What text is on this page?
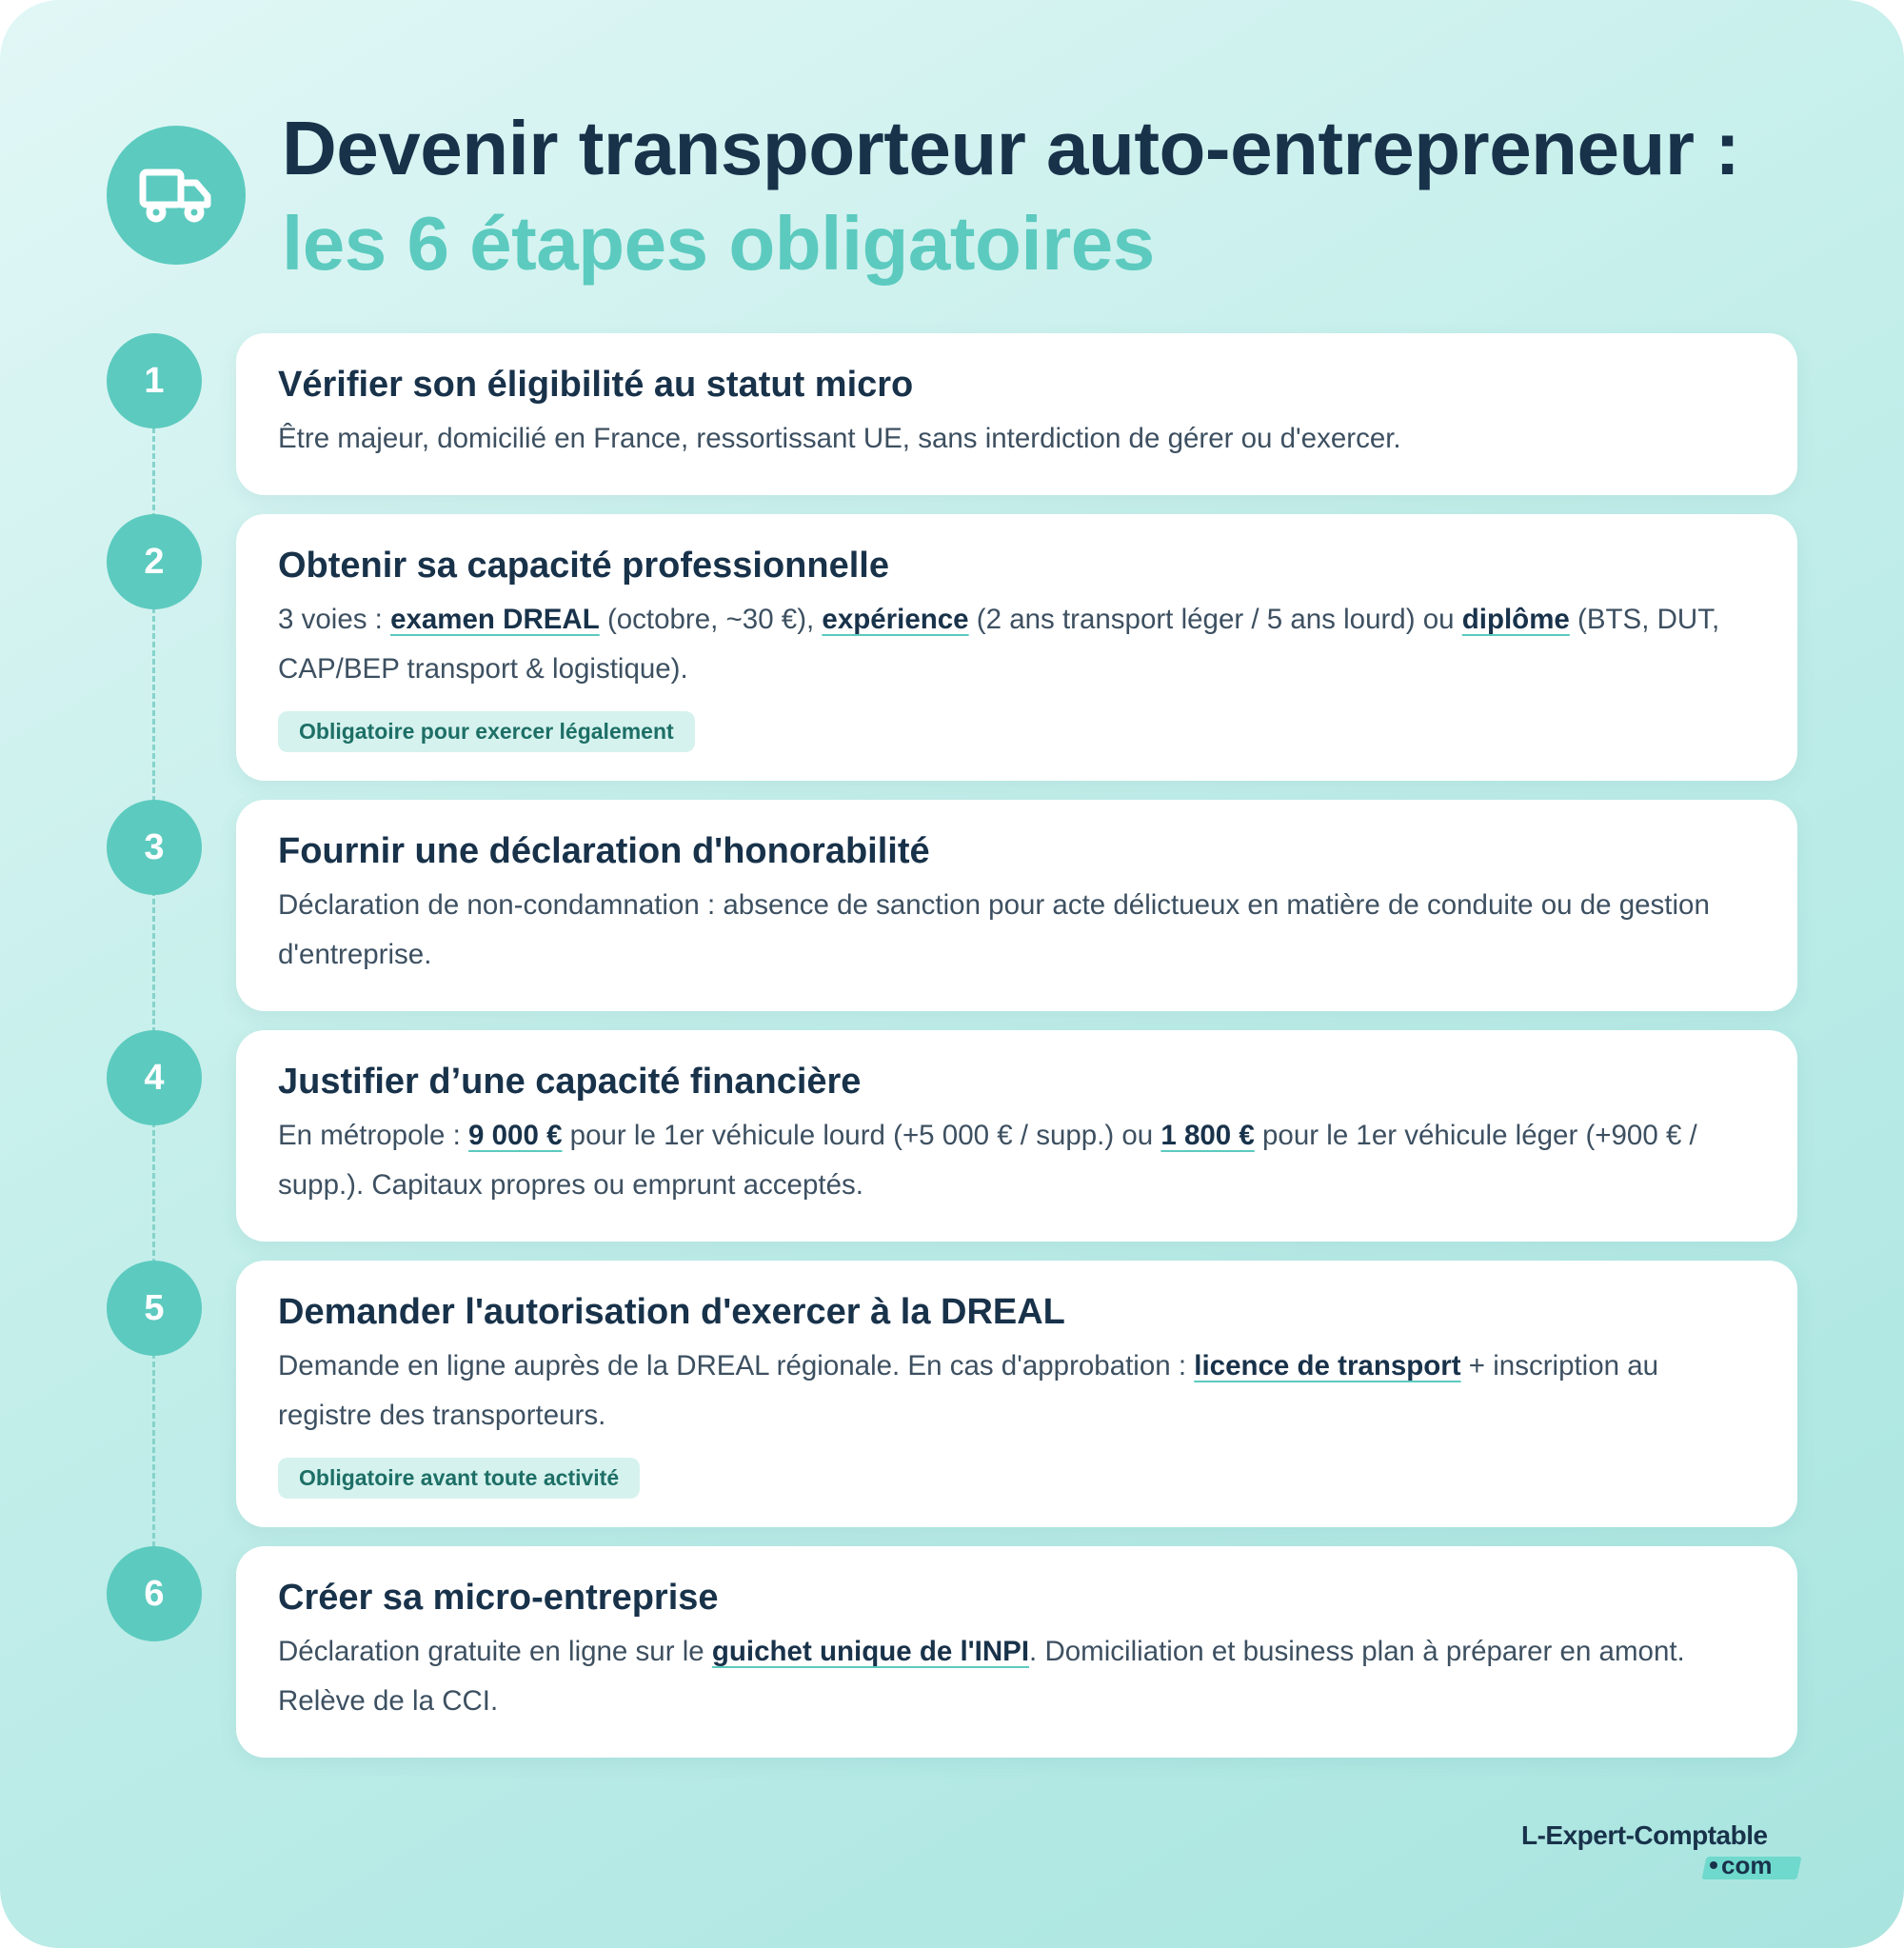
Devenir transporteur auto-entrepreneur :
les 6 étapes obligatoires
1	Vérifier son éligibilité au statut micro

Être majeur, domicilié en France, ressortissant UE, sans interdiction de gérer ou d'exercer.

2	Obtenir sa capacité professionnelle

3 voies : examen DREAL (octobre, ~30 €), expérience (2 ans transport léger / 5 ans lourd) ou diplôme (BTS, DUT, CAP/BEP transport & logistique).

Obligatoire pour exercer légalement
3	Fournir une déclaration d'honorabilité

Déclaration de non-condamnation : absence de sanction pour acte délictueux en matière de conduite ou de gestion d'entreprise.

4	Justifier d’une capacité financière

En métropole : 9 000 € pour le 1er véhicule lourd (+5 000 € / supp.) ou 1 800 € pour le 1er véhicule léger (+900 € / supp.). Capitaux propres ou emprunt acceptés.

5	Demander l'autorisation d'exercer à la DREAL

Demande en ligne auprès de la DREAL régionale. En cas d'approbation : licence de transport + inscription au registre des transporteurs.

Obligatoire avant toute activité
6	Créer sa micro-entreprise

Déclaration gratuite en ligne sur le guichet unique de l'INPI. Domiciliation et business plan à préparer en amont. Relève de la CCI.

L-Expert-Comptable
com
